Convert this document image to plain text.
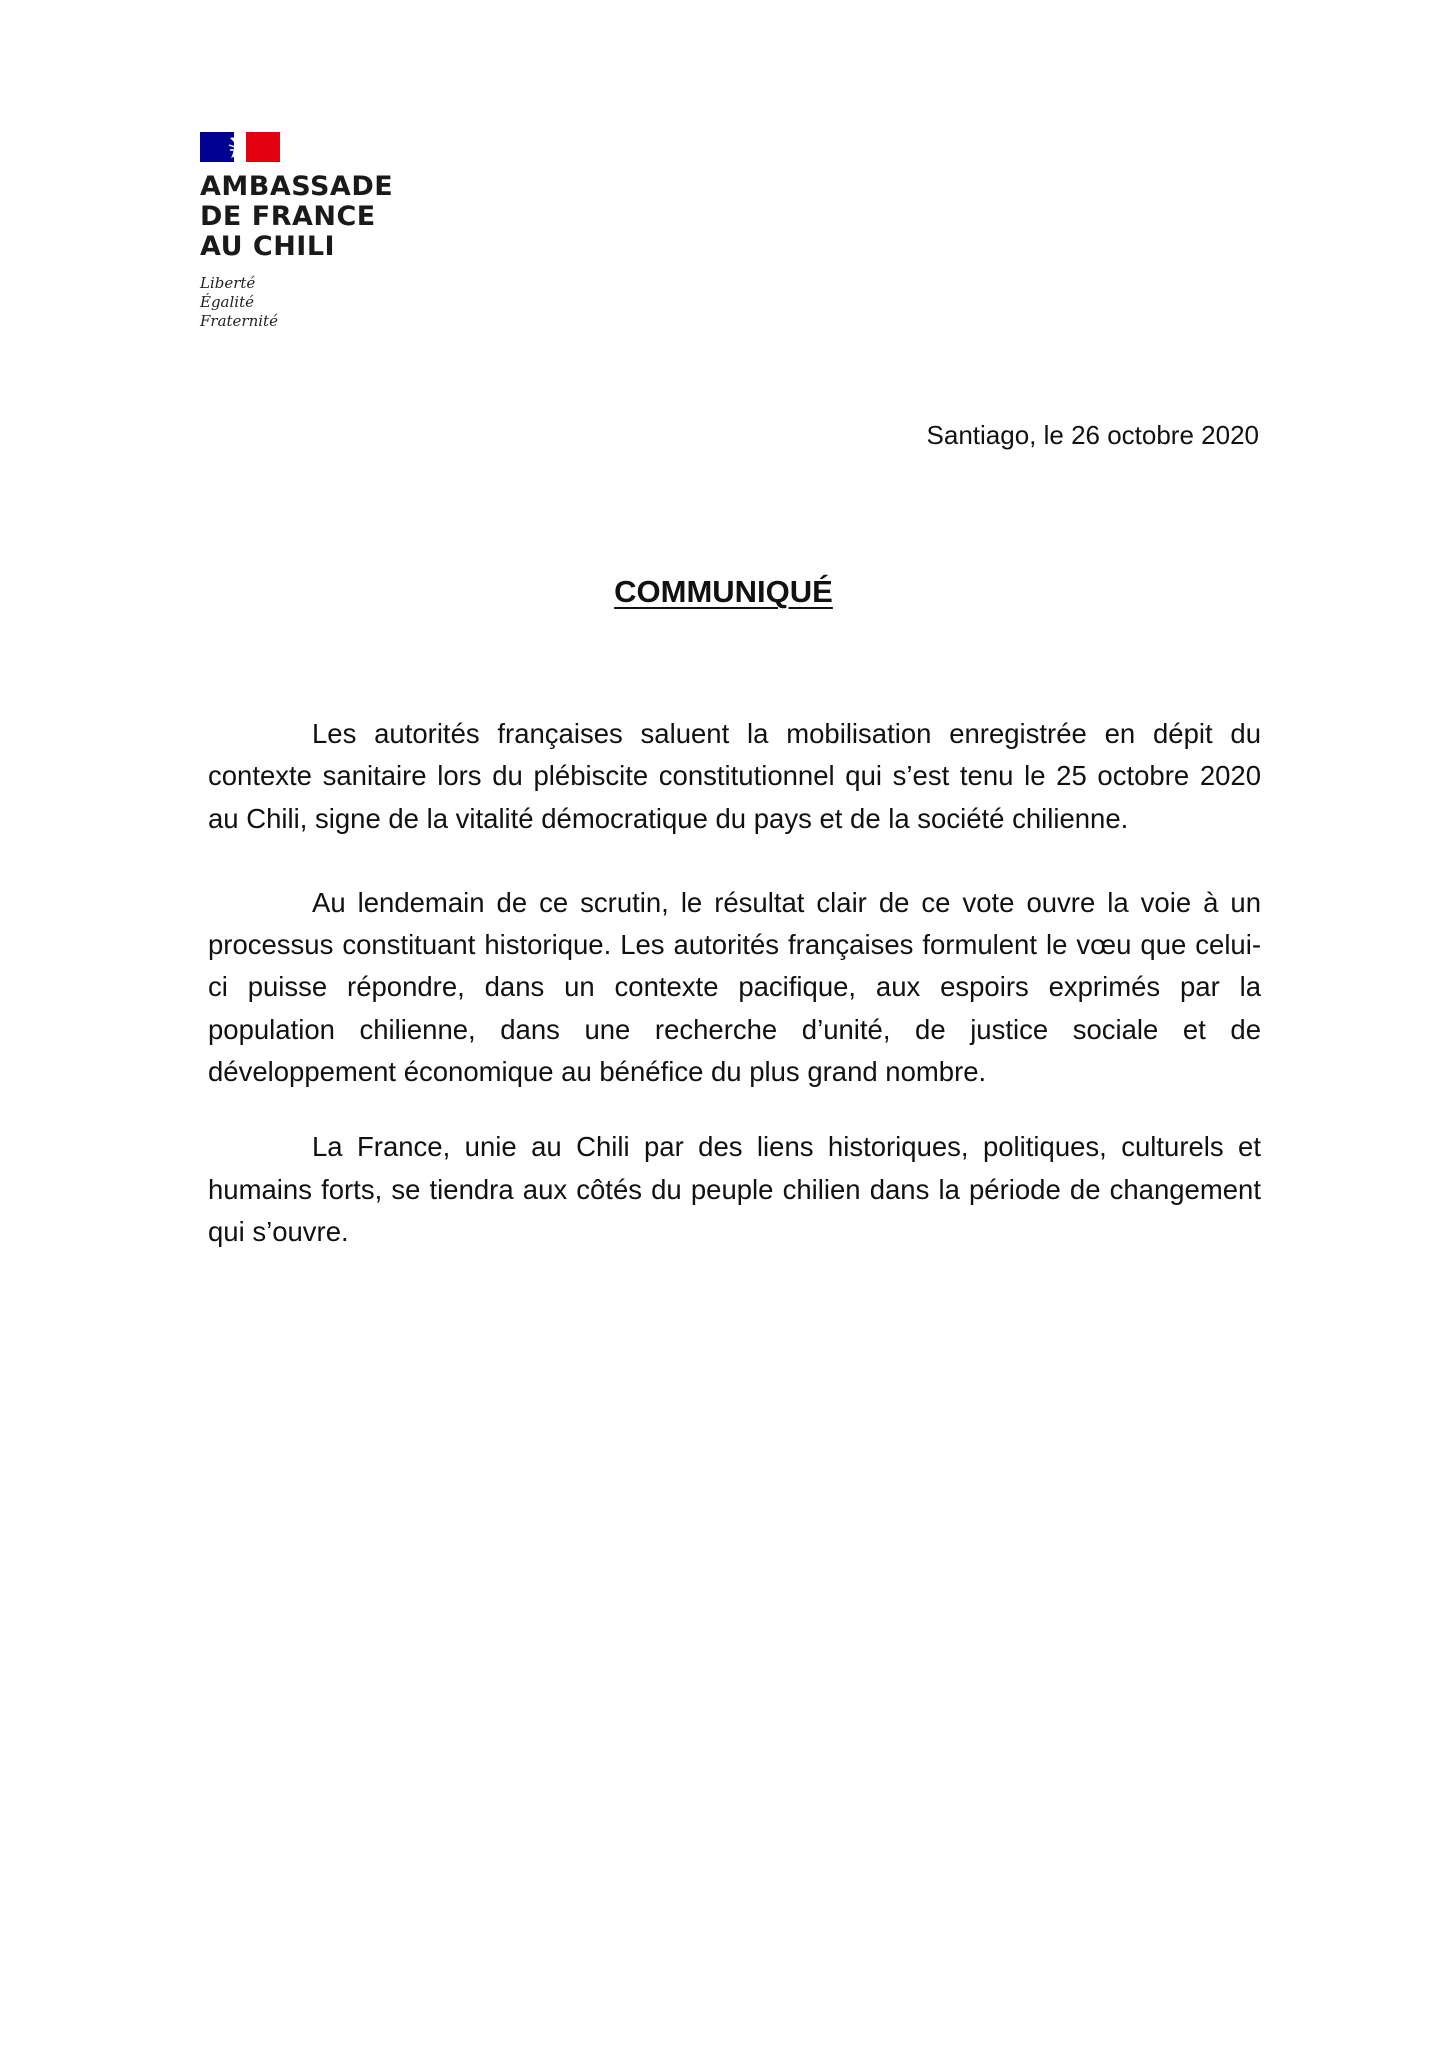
AMBASSADE
DE FRANCE
AU CHILI
Liberté
Égalité
Fraternité
Santiago, le 26 octobre 2020
COMMUNIQUÉ

Les autorités françaises saluent la mobilisation enregistrée en dépit du contexte sanitaire lors du plébiscite constitutionnel qui s’est tenu le 25 octobre 2020 au Chili, signe de la vitalité démocratique du pays et de la société chilienne.

Au lendemain de ce scrutin, le résultat clair de ce vote ouvre la voie à un processus constituant historique. Les autorités françaises formulent le vœu que celui-ci puisse répondre, dans un contexte pacifique, aux espoirs exprimés par la population chilienne, dans une recherche d’unité, de justice sociale et de développement économique au bénéfice du plus grand nombre.

La France, unie au Chili par des liens historiques, politiques, culturels et humains forts, se tiendra aux côtés du peuple chilien dans la période de changement qui s’ouvre.
